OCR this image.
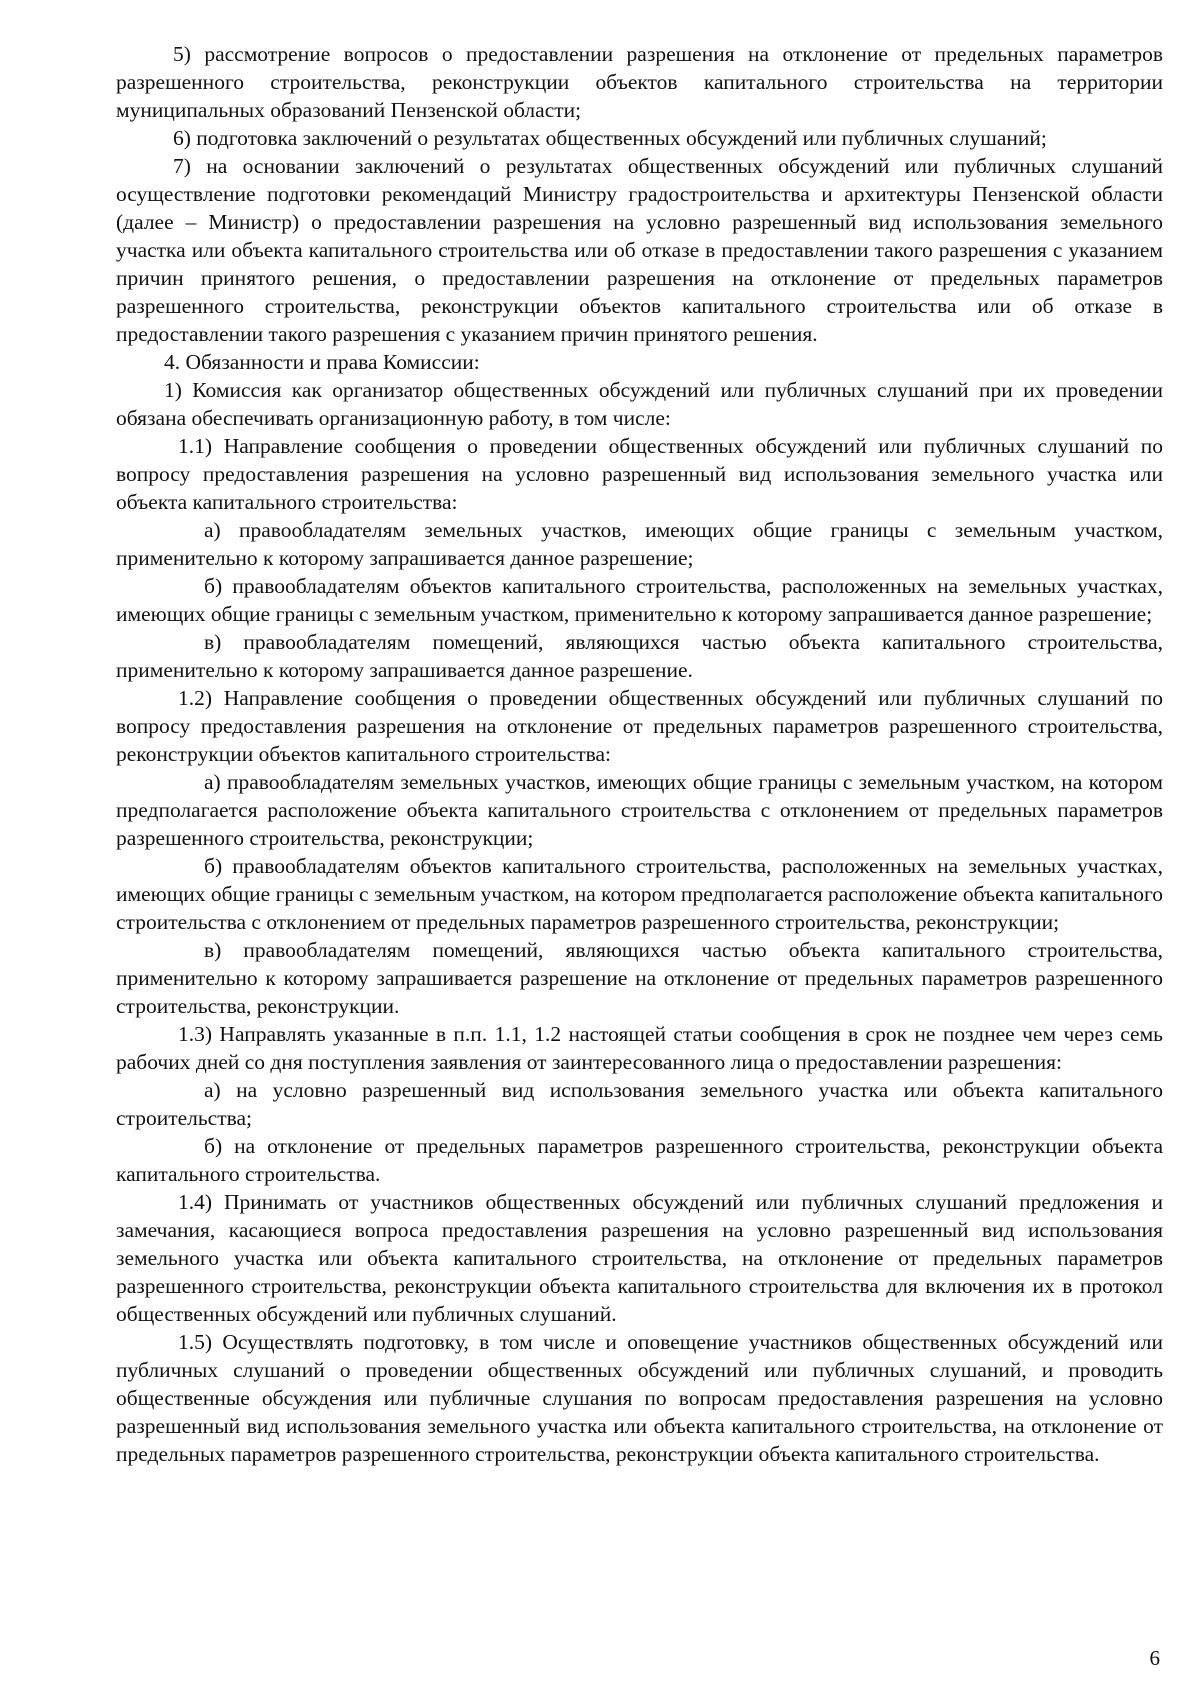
5) рассмотрение вопросов о предоставлении разрешения на отклонение от предельных параметров разрешенного строительства, реконструкции объектов капитального строительства на территории муниципальных образований Пензенской области;

6) подготовка заключений о результатах общественных обсуждений или публичных слушаний;

7) на основании заключений о результатах общественных обсуждений или публичных слушаний осуществление подготовки рекомендаций Министру градостроительства и архитектуры Пензенской области (далее – Министр) о предоставлении разрешения на условно разрешенный вид использования земельного участка или объекта капитального строительства или об отказе в предоставлении такого разрешения с указанием причин принятого решения, о предоставлении разрешения на отклонение от предельных параметров разрешенного строительства, реконструкции объектов капитального строительства или об отказе в предоставлении такого разрешения с указанием причин принятого решения.

4. Обязанности и права Комиссии:

1) Комиссия как организатор общественных обсуждений или публичных слушаний при их проведении обязана обеспечивать организационную работу, в том числе:

1.1) Направление сообщения о проведении общественных обсуждений или публичных слушаний по вопросу предоставления разрешения на условно разрешенный вид использования земельного участка или объекта капитального строительства:

а) правообладателям земельных участков, имеющих общие границы с земельным участком, применительно к которому запрашивается данное разрешение;

б) правообладателям объектов капитального строительства, расположенных на земельных участках, имеющих общие границы с земельным участком, применительно к которому запрашивается данное разрешение;

в) правообладателям помещений, являющихся частью объекта капитального строительства, применительно к которому запрашивается данное разрешение.

1.2) Направление сообщения о проведении общественных обсуждений или публичных слушаний по вопросу предоставления разрешения на отклонение от предельных параметров разрешенного строительства, реконструкции объектов капитального строительства:

а) правообладателям земельных участков, имеющих общие границы с земельным участком, на котором предполагается расположение объекта капитального строительства с отклонением от предельных параметров разрешенного строительства, реконструкции;

б) правообладателям объектов капитального строительства, расположенных на земельных участках, имеющих общие границы с земельным участком, на котором предполагается расположение объекта капитального строительства с отклонением от предельных параметров разрешенного строительства, реконструкции;

в) правообладателям помещений, являющихся частью объекта капитального строительства, применительно к которому запрашивается разрешение на отклонение от предельных параметров разрешенного строительства, реконструкции.

1.3) Направлять указанные в п.п. 1.1, 1.2 настоящей статьи сообщения в срок не позднее чем через семь рабочих дней со дня поступления заявления от заинтересованного лица о предоставлении разрешения:

а) на условно разрешенный вид использования земельного участка или объекта капитального строительства;

б) на отклонение от предельных параметров разрешенного строительства, реконструкции объекта капитального строительства.

1.4) Принимать от участников общественных обсуждений или публичных слушаний предложения и замечания, касающиеся вопроса предоставления разрешения на условно разрешенный вид использования земельного участка или объекта капитального строительства, на отклонение от предельных параметров разрешенного строительства, реконструкции объекта капитального строительства для включения их в протокол общественных обсуждений или публичных слушаний.

1.5) Осуществлять подготовку, в том числе и оповещение участников общественных обсуждений или публичных слушаний о проведении общественных обсуждений или публичных слушаний, и проводить общественные обсуждения или публичные слушания по вопросам предоставления разрешения на условно разрешенный вид использования земельного участка или объекта капитального строительства, на отклонение от предельных параметров разрешенного строительства, реконструкции объекта капитального строительства.

6
